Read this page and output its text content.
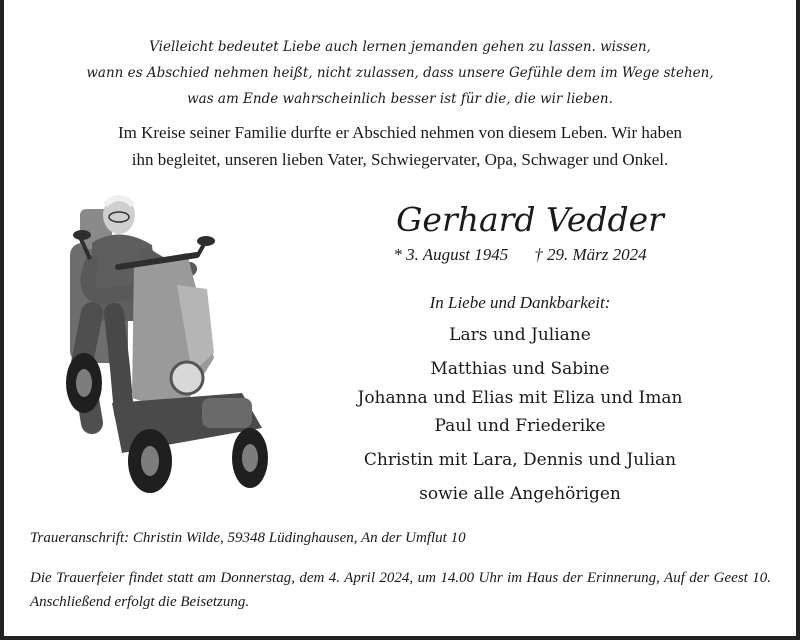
Vielleicht bedeutet Liebe auch lernen jemanden gehen zu lassen. wissen,
wann es Abschied nehmen heißt, nicht zulassen, dass unsere Gefühle dem im Wege stehen,
was am Ende wahrscheinlich besser ist für die, die wir lieben.
Im Kreise seiner Familie durfte er Abschied nehmen von diesem Leben. Wir haben
ihn begleitet, unseren lieben Vater, Schwiegervater, Opa, Schwager und Onkel.
Gerhard Vedder
* 3. August 1945 † 29. März 2024
In Liebe und Dankbarkeit:
Lars und Juliane
Matthias und Sabine
Johanna und Elias mit Eliza und Iman
Paul und Friederike
Christin mit Lara, Dennis und Julian
sowie alle Angehörigen
Traueranschrift: Christin Wilde, 59348 Lüdinghausen, An der Umflut 10
Die Trauerfeier findet statt am Donnerstag, dem 4. April 2024, um 14.00 Uhr im Haus der Erinnerung, Auf der Geest 10. Anschließend erfolgt die Beisetzung.
